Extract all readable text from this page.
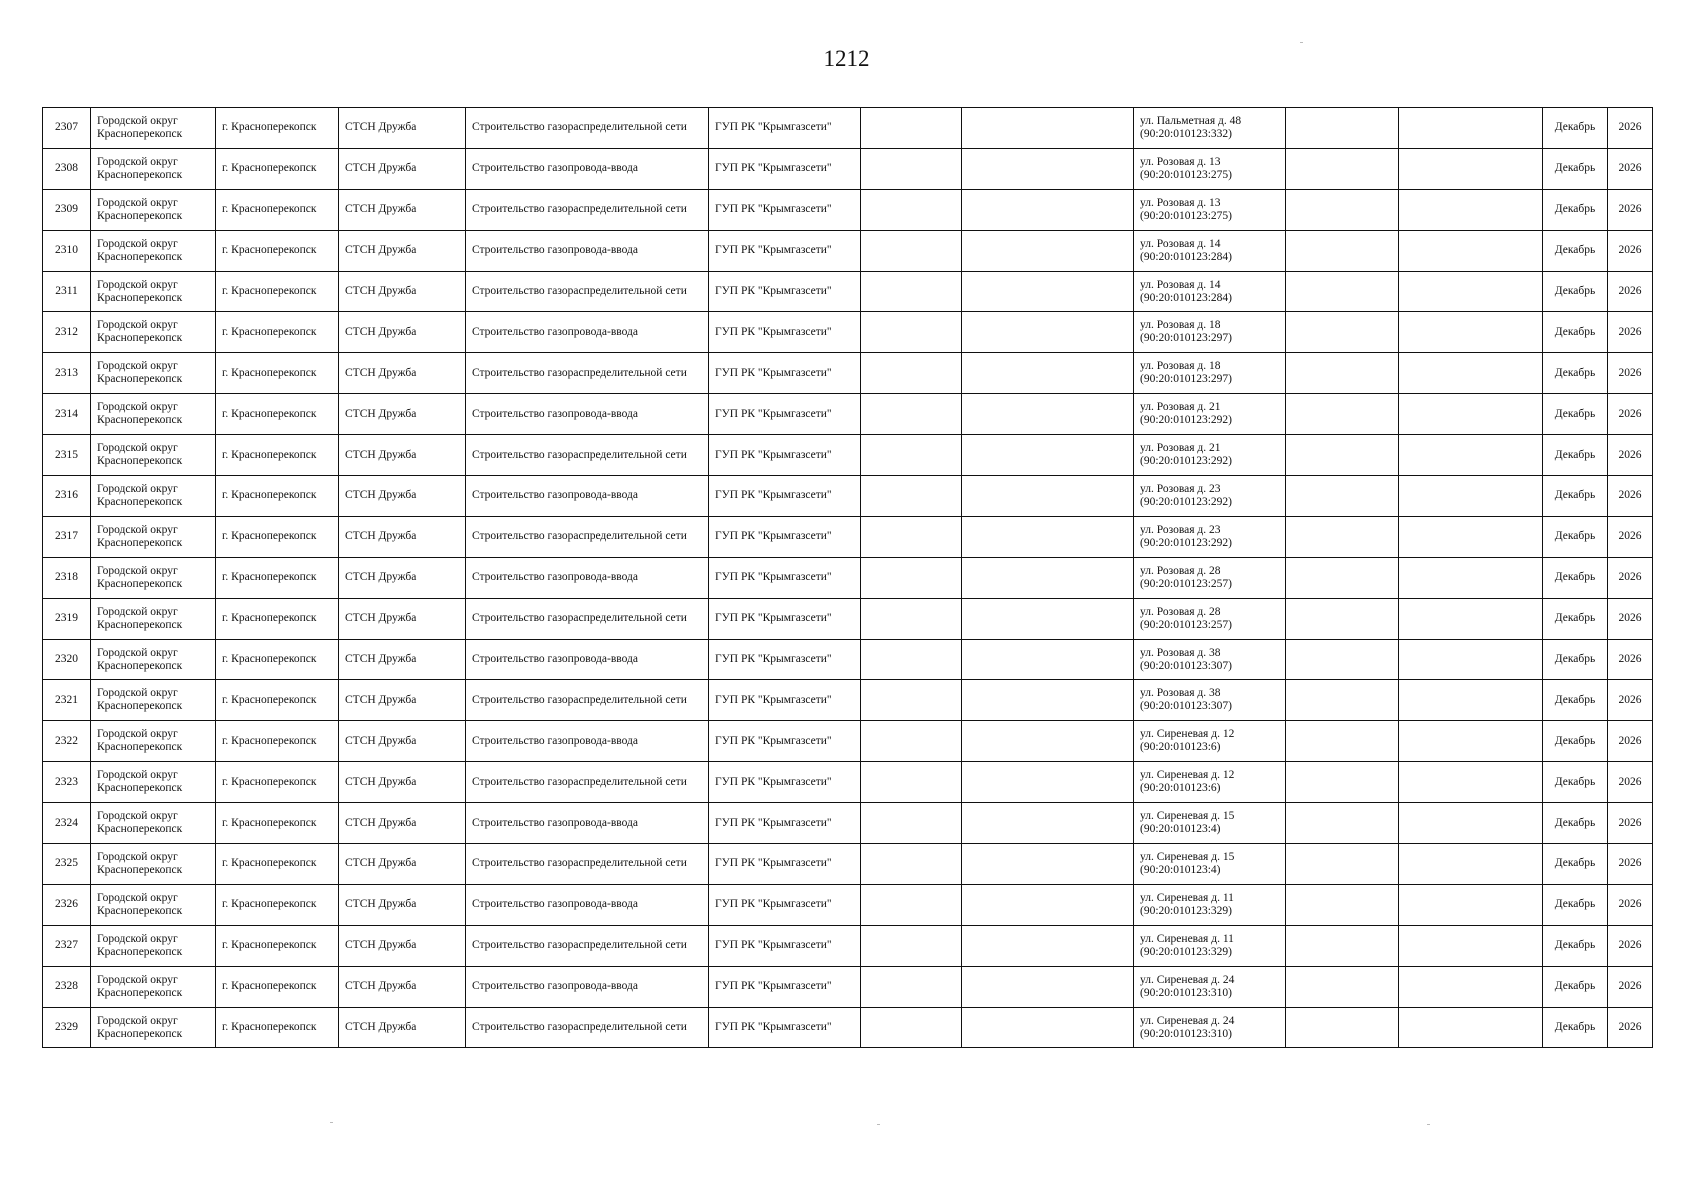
1212
2307	Городской округ Красноперекопск	г. Красноперекопск	СТСН Дружба	Строительство газораспределительной сети	ГУП РК "Крымгазсети"			ул. Пальметная д. 48 (90:20:010123:332)			Декабрь	2026
2308	Городской округ Красноперекопск	г. Красноперекопск	СТСН Дружба	Строительство газопровода-ввода	ГУП РК "Крымгазсети"			ул. Розовая д. 13 (90:20:010123:275)			Декабрь	2026
2309	Городской округ Красноперекопск	г. Красноперекопск	СТСН Дружба	Строительство газораспределительной сети	ГУП РК "Крымгазсети"			ул. Розовая д. 13 (90:20:010123:275)			Декабрь	2026
2310	Городской округ Красноперекопск	г. Красноперекопск	СТСН Дружба	Строительство газопровода-ввода	ГУП РК "Крымгазсети"			ул. Розовая д. 14 (90:20:010123:284)			Декабрь	2026
2311	Городской округ Красноперекопск	г. Красноперекопск	СТСН Дружба	Строительство газораспределительной сети	ГУП РК "Крымгазсети"			ул. Розовая д. 14 (90:20:010123:284)			Декабрь	2026
2312	Городской округ Красноперекопск	г. Красноперекопск	СТСН Дружба	Строительство газопровода-ввода	ГУП РК "Крымгазсети"			ул. Розовая д. 18 (90:20:010123:297)			Декабрь	2026
2313	Городской округ Красноперекопск	г. Красноперекопск	СТСН Дружба	Строительство газораспределительной сети	ГУП РК "Крымгазсети"			ул. Розовая д. 18 (90:20:010123:297)			Декабрь	2026
2314	Городской округ Красноперекопск	г. Красноперекопск	СТСН Дружба	Строительство газопровода-ввода	ГУП РК "Крымгазсети"			ул. Розовая д. 21 (90:20:010123:292)			Декабрь	2026
2315	Городской округ Красноперекопск	г. Красноперекопск	СТСН Дружба	Строительство газораспределительной сети	ГУП РК "Крымгазсети"			ул. Розовая д. 21 (90:20:010123:292)			Декабрь	2026
2316	Городской округ Красноперекопск	г. Красноперекопск	СТСН Дружба	Строительство газопровода-ввода	ГУП РК "Крымгазсети"			ул. Розовая д. 23 (90:20:010123:292)			Декабрь	2026
2317	Городской округ Красноперекопск	г. Красноперекопск	СТСН Дружба	Строительство газораспределительной сети	ГУП РК "Крымгазсети"			ул. Розовая д. 23 (90:20:010123:292)			Декабрь	2026
2318	Городской округ Красноперекопск	г. Красноперекопск	СТСН Дружба	Строительство газопровода-ввода	ГУП РК "Крымгазсети"			ул. Розовая д. 28 (90:20:010123:257)			Декабрь	2026
2319	Городской округ Красноперекопск	г. Красноперекопск	СТСН Дружба	Строительство газораспределительной сети	ГУП РК "Крымгазсети"			ул. Розовая д. 28 (90:20:010123:257)			Декабрь	2026
2320	Городской округ Красноперекопск	г. Красноперекопск	СТСН Дружба	Строительство газопровода-ввода	ГУП РК "Крымгазсети"			ул. Розовая д. 38 (90:20:010123:307)			Декабрь	2026
2321	Городской округ Красноперекопск	г. Красноперекопск	СТСН Дружба	Строительство газораспределительной сети	ГУП РК "Крымгазсети"			ул. Розовая д. 38 (90:20:010123:307)			Декабрь	2026
2322	Городской округ Красноперекопск	г. Красноперекопск	СТСН Дружба	Строительство газопровода-ввода	ГУП РК "Крымгазсети"			ул. Сиреневая д. 12 (90:20:010123:6)			Декабрь	2026
2323	Городской округ Красноперекопск	г. Красноперекопск	СТСН Дружба	Строительство газораспределительной сети	ГУП РК "Крымгазсети"			ул. Сиреневая д. 12 (90:20:010123:6)			Декабрь	2026
2324	Городской округ Красноперекопск	г. Красноперекопск	СТСН Дружба	Строительство газопровода-ввода	ГУП РК "Крымгазсети"			ул. Сиреневая д. 15 (90:20:010123:4)			Декабрь	2026
2325	Городской округ Красноперекопск	г. Красноперекопск	СТСН Дружба	Строительство газораспределительной сети	ГУП РК "Крымгазсети"			ул. Сиреневая д. 15 (90:20:010123:4)			Декабрь	2026
2326	Городской округ Красноперекопск	г. Красноперекопск	СТСН Дружба	Строительство газопровода-ввода	ГУП РК "Крымгазсети"			ул. Сиреневая д. 11 (90:20:010123:329)			Декабрь	2026
2327	Городской округ Красноперекопск	г. Красноперекопск	СТСН Дружба	Строительство газораспределительной сети	ГУП РК "Крымгазсети"			ул. Сиреневая д. 11 (90:20:010123:329)			Декабрь	2026
2328	Городской округ Красноперекопск	г. Красноперекопск	СТСН Дружба	Строительство газопровода-ввода	ГУП РК "Крымгазсети"			ул. Сиреневая д. 24 (90:20:010123:310)			Декабрь	2026
2329	Городской округ Красноперекопск	г. Красноперекопск	СТСН Дружба	Строительство газораспределительной сети	ГУП РК "Крымгазсети"			ул. Сиреневая д. 24 (90:20:010123:310)			Декабрь	2026
